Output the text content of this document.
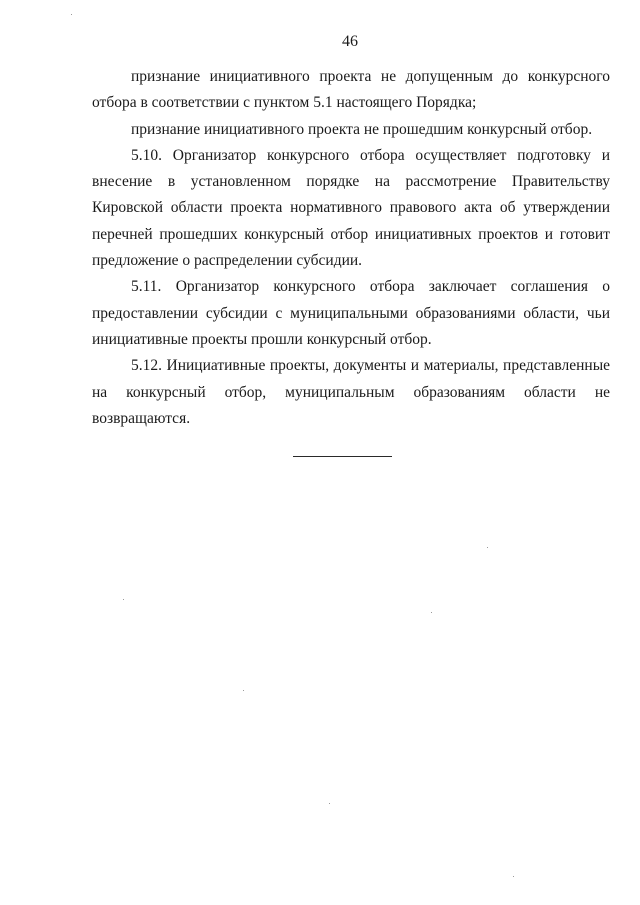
46

признание инициативного проекта не допущенным до конкурсного отбора в соответствии с пунктом 5.1 настоящего Порядка;

признание инициативного проекта не прошедшим конкурсный отбор.

5.10. Организатор конкурсного отбора осуществляет подготовку и внесение в установленном порядке на рассмотрение Правительству Кировской области проекта нормативного правового акта об утверждении перечней прошедших конкурсный отбор инициативных проектов и готовит предложение о распределении субсидии.

5.11. Организатор конкурсного отбора заключает соглашения о предоставлении субсидии с муниципальными образованиями области, чьи инициативные проекты прошли конкурсный отбор.

5.12. Инициативные проекты, документы и материалы, представленные на конкурсный отбор, муниципальным образованиям области не возвращаются.
